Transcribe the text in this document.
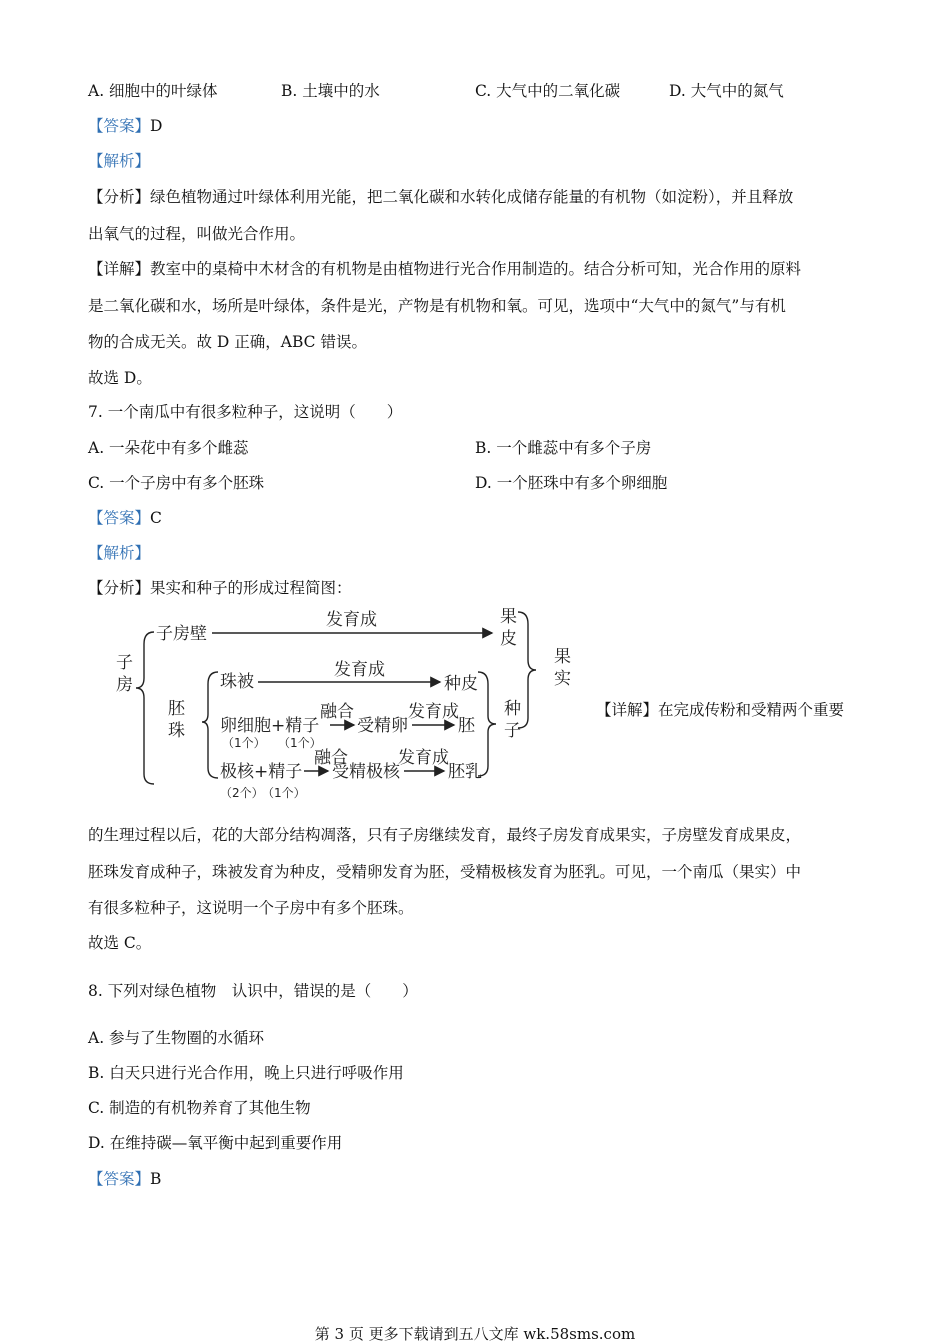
A. 细胞中的叶绿体	B. 土壤中的水	C. 大气中的二氧化碳	D. 大气中的氮气
【答案】D
【解析】
【分析】绿色植物通过叶绿体利用光能，把二氧化碳和水转化成储存能量的有机物（如淀粉），并且释放
出氧气的过程，叫做光合作用。
【详解】教室中的桌椅中木材含的有机物是由植物进行光合作用制造的。结合分析可知，光合作用的原料
是二氧化碳和水，场所是叶绿体，条件是光，产物是有机物和氧。可见，选项中“大气中的氮气”与有机
物的合成无关。故 D 正确，ABC 错误。
故选 D。
7. 一个南瓜中有很多粒种子，这说明（　　）
A. 一朵花中有多个雌蕊	B. 一个雌蕊中有多个子房
C. 一个子房中有多个胚珠	D. 一个胚珠中有多个卵细胞
【答案】C
【解析】
【分析】果实和种子的形成过程简图：
子房
子房壁
发育成	果皮
果实
胚珠
珠被
发育成
种皮
卵细胞+精子
（1个） （1个）
融合
受精卵
发育成
胚
种子
极核+精子
（2个）
（1个）
融合
受精极核
发育成
胚乳
【详解】在完成传粉和受精两个重要
的生理过程以后，花的大部分结构凋落，只有子房继续发育，最终子房发育成果实，子房壁发育成果皮，
胚珠发育成种子，珠被发育为种皮，受精卵发育为胚，受精极核发育为胚乳。可见，一个南瓜（果实）中
有很多粒种子，这说明一个子房中有多个胚珠。
故选 C。
8. 下列对绿色植物　认识中，错误的是（　　）
A. 参与了生物圈的水循环
B. 白天只进行光合作用，晚上只进行呼吸作用
C. 制造的有机物养育了其他生物
D. 在维持碳—氧平衡中起到重要作用
【答案】B
第 3 页 更多下载请到五八文库 wk.58sms.com
